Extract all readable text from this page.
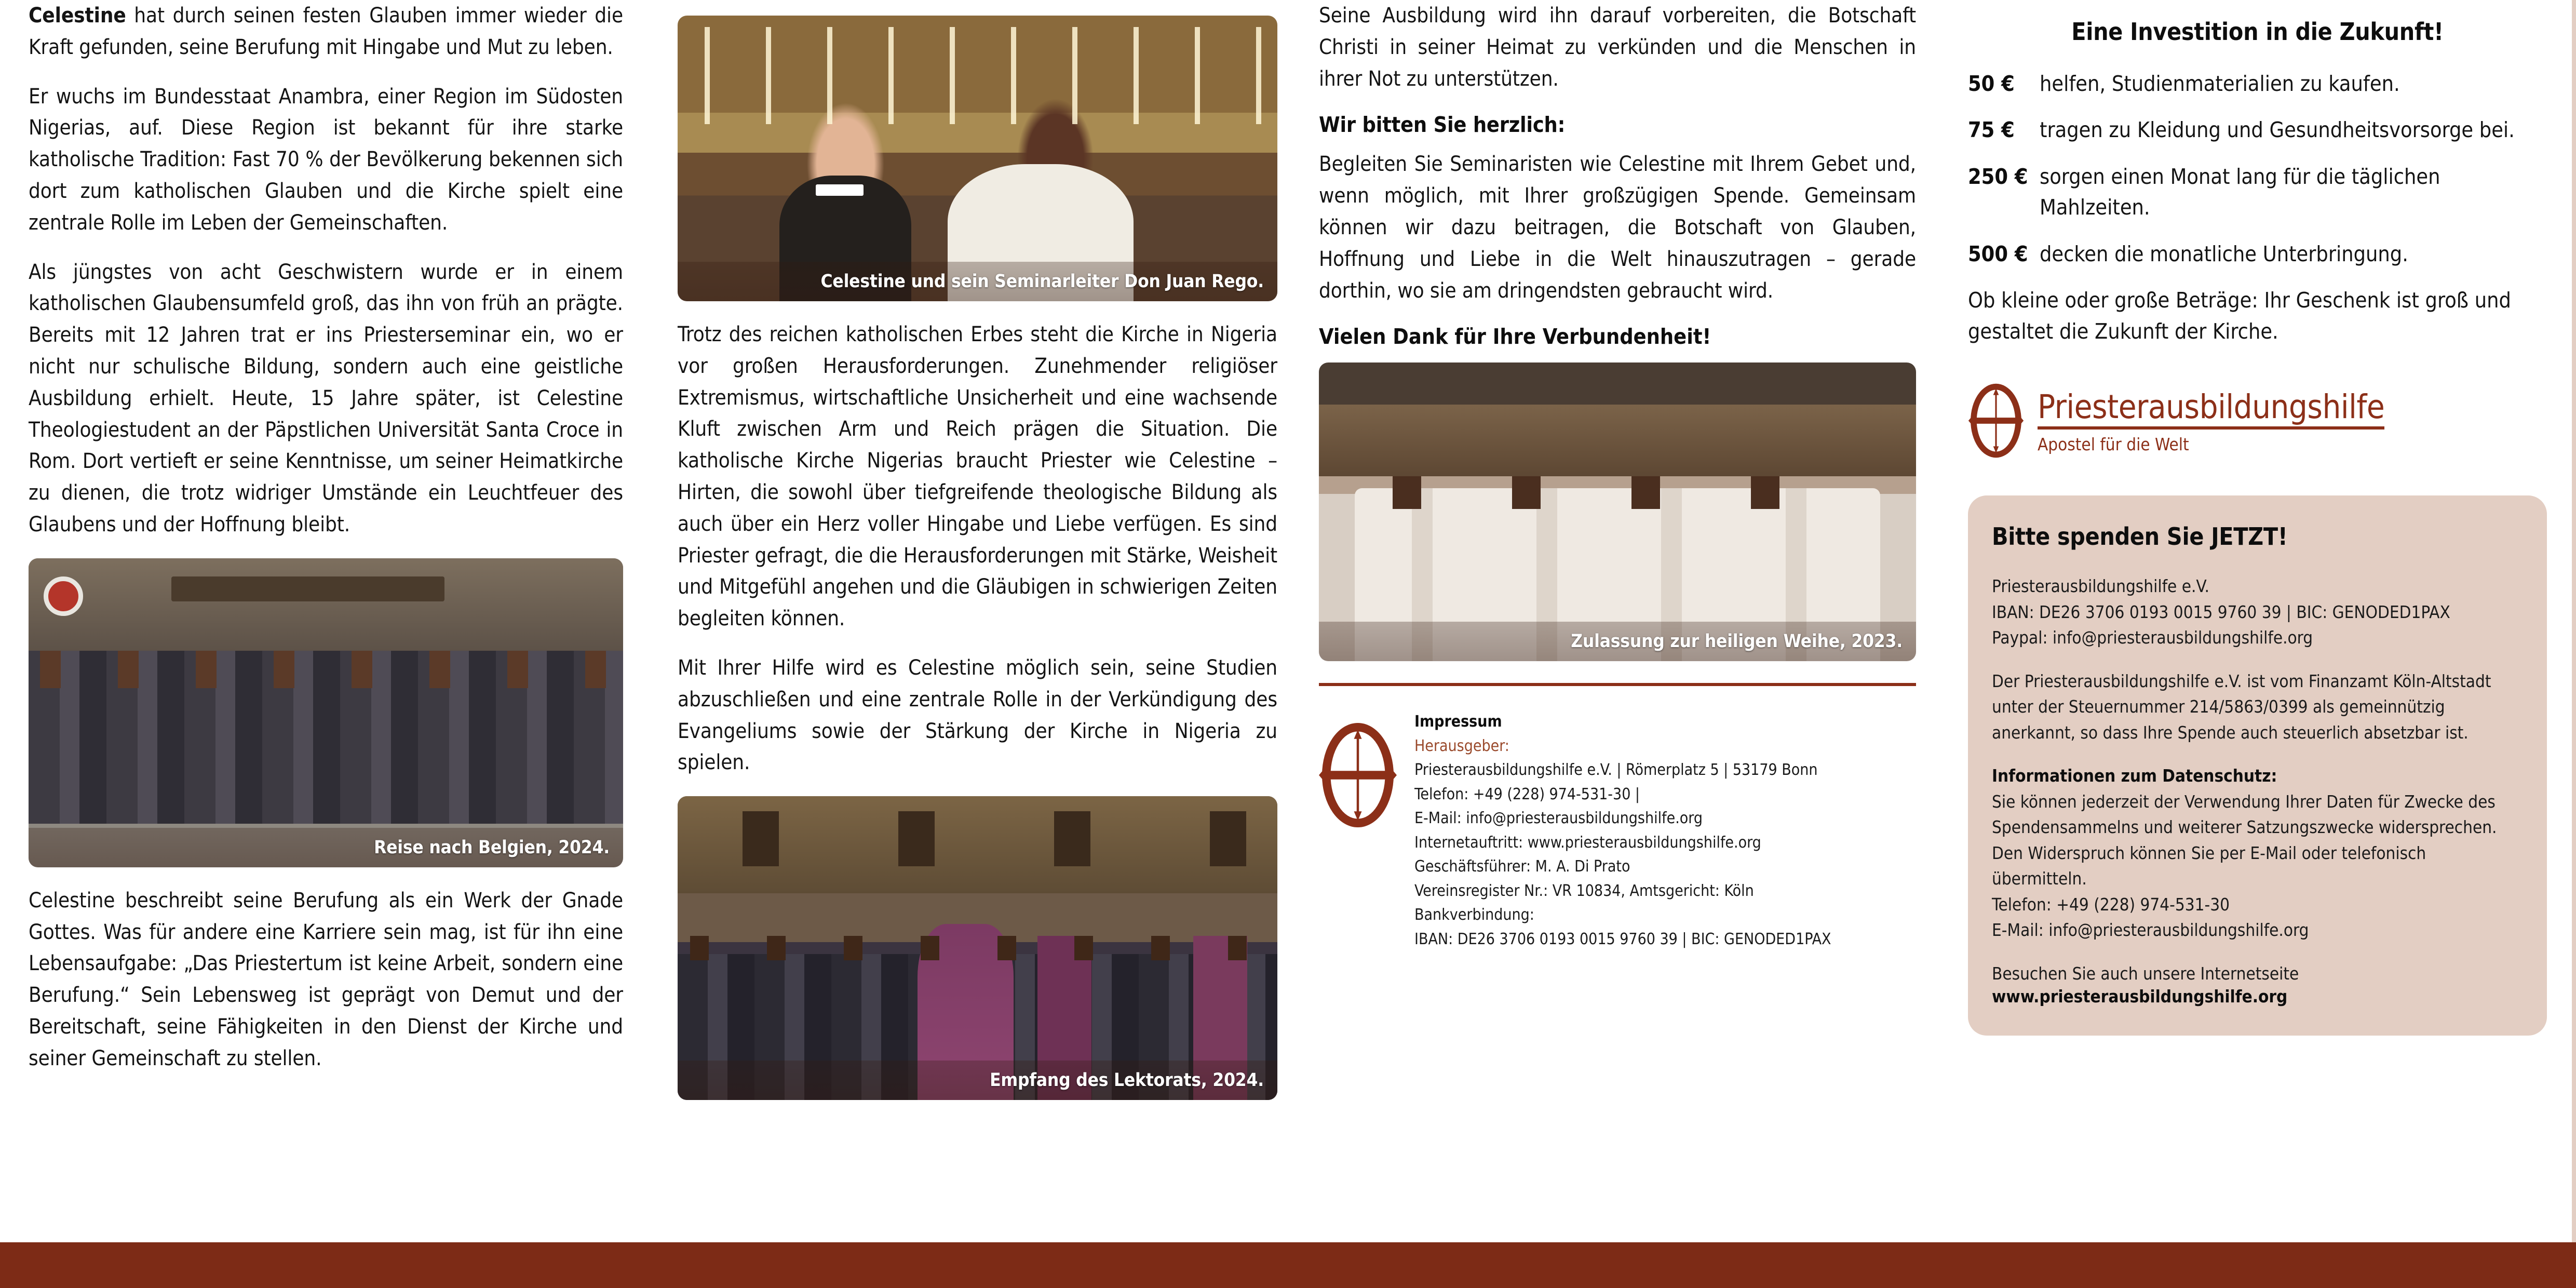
Celestine hat durch seinen festen Glauben immer wieder die Kraft gefunden, seine Berufung mit Hingabe und Mut zu leben.

Er wuchs im Bundesstaat Anambra, einer Region im Südosten Nigerias, auf. Diese Region ist bekannt für ihre starke katholische Tradition: Fast 70 % der Bevölkerung bekennen sich dort zum katholischen Glauben und die Kirche spielt eine zentrale Rolle im Leben der Gemeinschaften.

Als jüngstes von acht Geschwistern wurde er in einem katholischen Glaubensumfeld groß, das ihn von früh an prägte. Bereits mit 12 Jahren trat er ins Priesterseminar ein, wo er nicht nur schulische Bildung, sondern auch eine geistliche Ausbildung erhielt. Heute, 15 Jahre später, ist Celestine Theologiestudent an der Päpstlichen Universität Santa Croce in Rom. Dort vertieft er seine Kenntnisse, um seiner Heimatkirche zu dienen, die trotz widriger Umstände ein Leuchtfeuer des Glaubens und der Hoffnung bleibt.

Reise nach Belgien, 2024.

Celestine beschreibt seine Berufung als ein Werk der Gnade Gottes. Was für andere eine Karriere sein mag, ist für ihn eine Lebensaufgabe: „Das Priestertum ist keine Arbeit, sondern eine Berufung.“ Sein Lebensweg ist geprägt von Demut und der Bereitschaft, seine Fähigkeiten in den Dienst der Kirche und seiner Gemeinschaft zu stellen.

Celestine und sein Seminarleiter Don Juan Rego.

Trotz des reichen katholischen Erbes steht die Kirche in Nigeria vor großen Herausforderungen. Zunehmender religiöser Extremismus, wirtschaftliche Unsicherheit und eine wachsende Kluft zwischen Arm und Reich prägen die Situation. Die katholische Kirche Nigerias braucht Priester wie Celestine – Hirten, die sowohl über tiefgreifende theologische Bildung als auch über ein Herz voller Hingabe und Liebe verfügen. Es sind Priester gefragt, die die Herausforderungen mit Stärke, Weisheit und Mitgefühl angehen und die Gläubigen in schwierigen Zeiten begleiten können.

Mit Ihrer Hilfe wird es Celestine möglich sein, seine Studien abzuschließen und eine zentrale Rolle in der Verkündigung des Evangeliums sowie der Stärkung der Kirche in Nigeria zu spielen.

Empfang des Lektorats, 2024.

Seine Ausbildung wird ihn darauf vorbereiten, die Botschaft Christi in seiner Heimat zu verkünden und die Menschen in ihrer Not zu unterstützen.

Wir bitten Sie herzlich:

Begleiten Sie Seminaristen wie Celestine mit Ihrem Gebet und, wenn möglich, mit Ihrer großzügigen Spende. Gemeinsam können wir dazu beitragen, die Botschaft von Glauben, Hoffnung und Liebe in die Welt hinauszutragen – gerade dorthin, wo sie am dringendsten gebraucht wird.

Vielen Dank für Ihre Verbundenheit!

Zulassung zur heiligen Weihe, 2023.
Impressum
Herausgeber:
Priesterausbildungshilfe e.V. | Römerplatz 5 | 53179 Bonn
Telefon: +49 (228) 974-531-30 |
E-Mail: info@priesterausbildungshilfe.org
Internetauftritt: www.priesterausbildungshilfe.org
Geschäftsführer: M. A. Di Prato
Vereinsregister Nr.: VR 10834, Amtsgericht: Köln
Bankverbindung:
IBAN: DE26 3706 0193 0015 9760 39 | BIC: GENODED1PAX
Eine Investition in die Zukunft!
50 €	helfen, Studienmaterialien zu kaufen.
75 €	tragen zu Kleidung und Gesundheitsvorsorge bei.
250 € sorgen einen Monat lang für die täglichen Mahlzeiten.
500 € decken die monatliche Unterbringung.

Ob kleine oder große Beträge: Ihr Geschenk ist groß und gestaltet die Zukunft der Kirche.

Priesterausbildungshilfe
Apostel für die Welt
Bitte spenden Sie JETZT!
Priesterausbildungshilfe e.V.
IBAN: DE26 3706 0193 0015 9760 39 | BIC: GENODED1PAX
Paypal: info@priesterausbildungshilfe.org
Der Priesterausbildungshilfe e.V. ist vom Finanzamt Köln-Altstadt unter der Steuernummer 214/5863/0399 als gemeinnützig anerkannt, so dass Ihre Spende auch steuerlich absetzbar ist.
Informationen zum Datenschutz:
Sie können jederzeit der Verwendung Ihrer Daten für Zwecke des Spendensammelns und weiterer Satzungszwecke widersprechen. Den Widerspruch können Sie per E-Mail oder telefonisch übermitteln.
Telefon: +49 (228) 974-531-30
E-Mail: info@priesterausbildungshilfe.org
Besuchen Sie auch unsere Internetseite
www.priesterausbildungshilfe.org
